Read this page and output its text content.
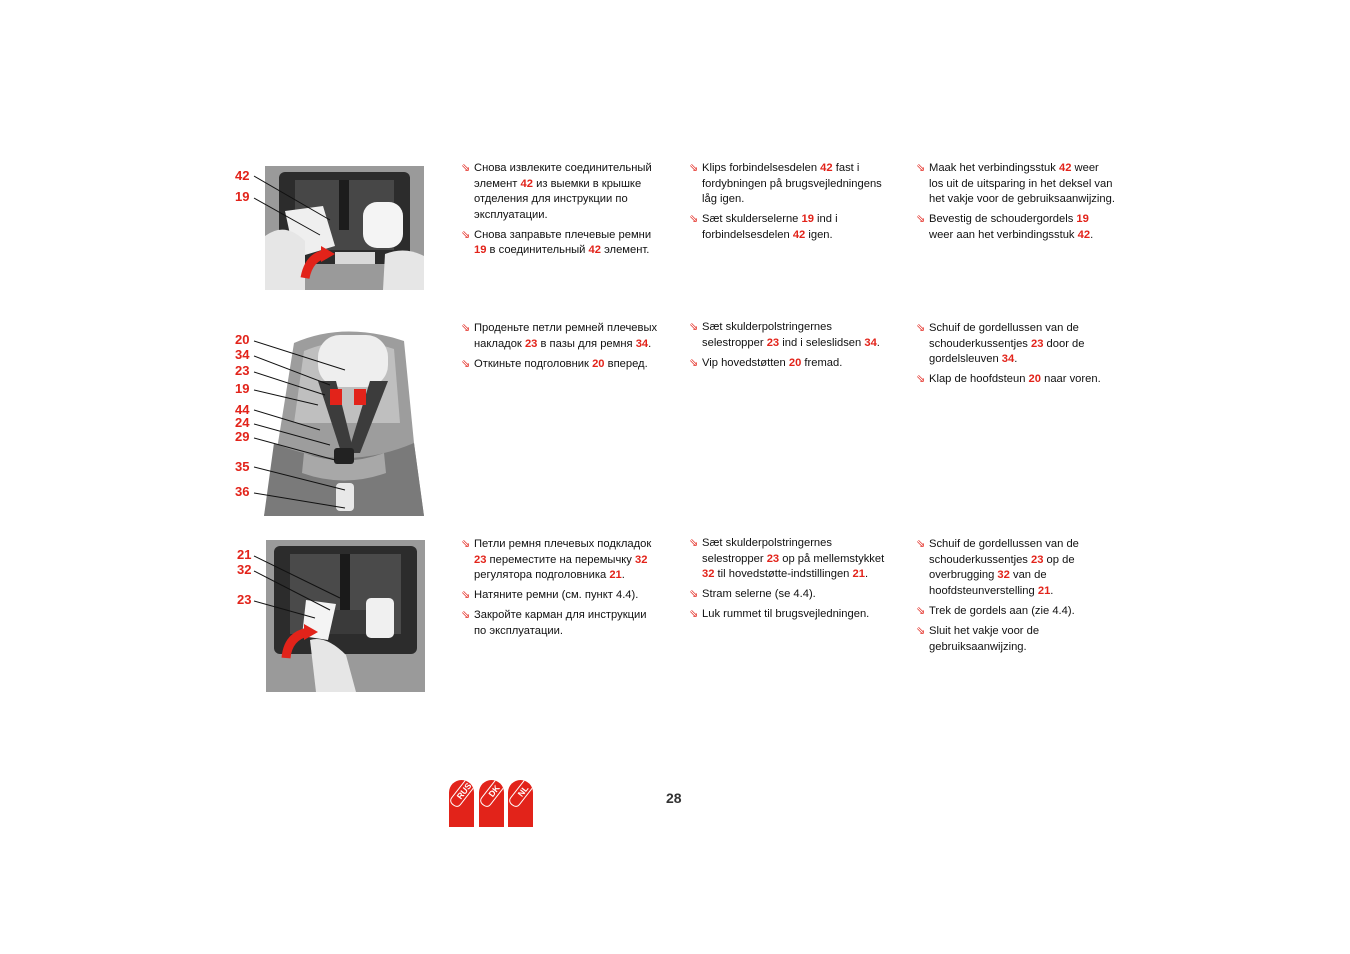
42
19
20
34
23
19
44
24
29
35
36
21
32
23
⇘ Снова извлеките соединительный элемент 42 из выемки в крышке отделения для инструкции по эксплуатации.
⇘ Снова заправьте плечевые ремни 19 в соединительный 42 элемент.
⇘ Klips forbindelsesdelen 42 fast i fordybningen på brugsvejledningens låg igen.
⇘ Sæt skulderselerne 19 ind i forbindelsesdelen 42 igen.
⇘ Maak het verbindingsstuk 42 weer los uit de uitsparing in het deksel van het vakje voor de gebruiksaanwijzing.
⇘ Bevestig de schoudergordels 19 weer aan het verbindingsstuk 42.
⇘ Проденьте петли ремней плечевых накладок 23 в пазы для ремня 34.
⇘ Откиньте подголовник 20 вперед.
⇘ Sæt skulderpolstringernes selestropper 23 ind i seleslidsen 34.
⇘ Vip hovedstøtten 20 fremad.
⇘ Schuif de gordellussen van de schouderkussentjes 23 door de gordelsleuven 34.
⇘ Klap de hoofdsteun 20 naar voren.
⇘ Петли ремня плечевых подкладок 23 переместите на перемычку 32 регулятора подголовника 21.
⇘ Натяните ремни (см. пункт 4.4).
⇘ Закройте карман для инструкции по эксплуатации.
⇘ Sæt skulderpolstringernes selestropper 23 op på mellemstykket 32 til hovedstøtte-indstillingen 21.
⇘ Stram selerne (se 4.4).
⇘ Luk rummet til brugsvejledningen.
⇘ Schuif de gordellussen van de schouderkussentjes 23 op de overbrugging 32 van de hoofdsteunverstelling 21.
⇘ Trek de gordels aan (zie 4.4).
⇘ Sluit het vakje voor de gebruiksaanwijzing.
RUS	DK	NL	28
